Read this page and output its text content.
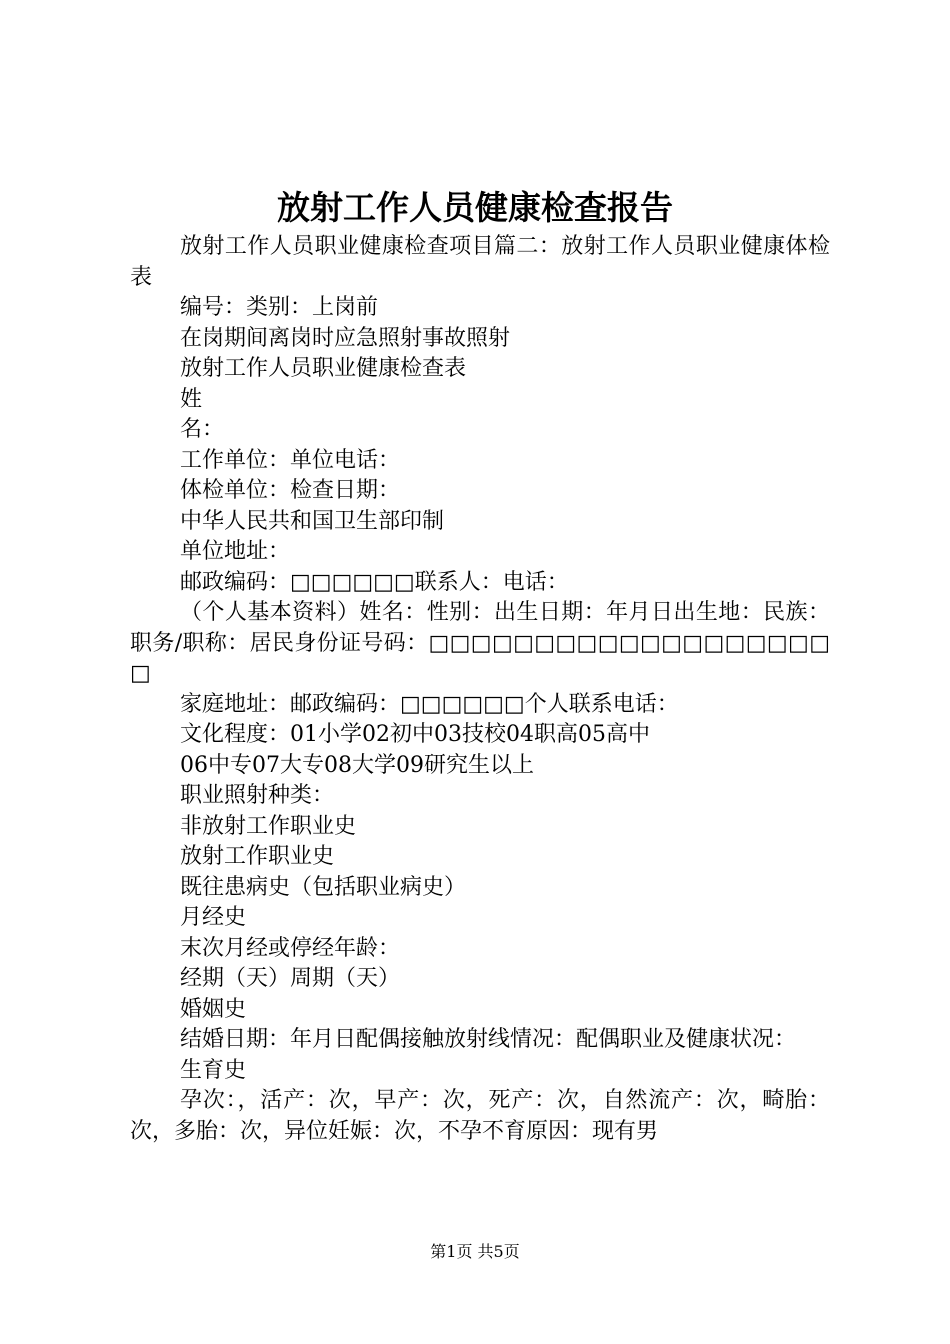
放射工作人员健康检查报告

放射工作人员职业健康检查项目篇二：放射工作人员职业健康体检表

编号：类别：上岗前

在岗期间离岗时应急照射事故照射

放射工作人员职业健康检查表

姓

名：

工作单位：单位电话：

体检单位：检查日期：

中华人民共和国卫生部印制

单位地址：

邮政编码：□□□□□□联系人：电话：

（个人基本资料）姓名：性别：出生日期：年月日出生地：民族：职务/职称：居民身份证号码：□□□□□□□□□□□□□□□□□□□□

家庭地址：邮政编码：□□□□□□个人联系电话：

文化程度：01小学02初中03技校04职高05高中

06中专07大专08大学09研究生以上

职业照射种类：

非放射工作职业史

放射工作职业史

既往患病史（包括职业病史）

月经史

末次月经或停经年龄：

经期（天）周期（天）

婚姻史

结婚日期：年月日配偶接触放射线情况：配偶职业及健康状况：

生育史

孕次：，活产：次，早产：次，死产：次，自然流产：次，畸胎：次，多胎：次，异位妊娠：次，不孕不育原因：现有男

第1页 共5页
